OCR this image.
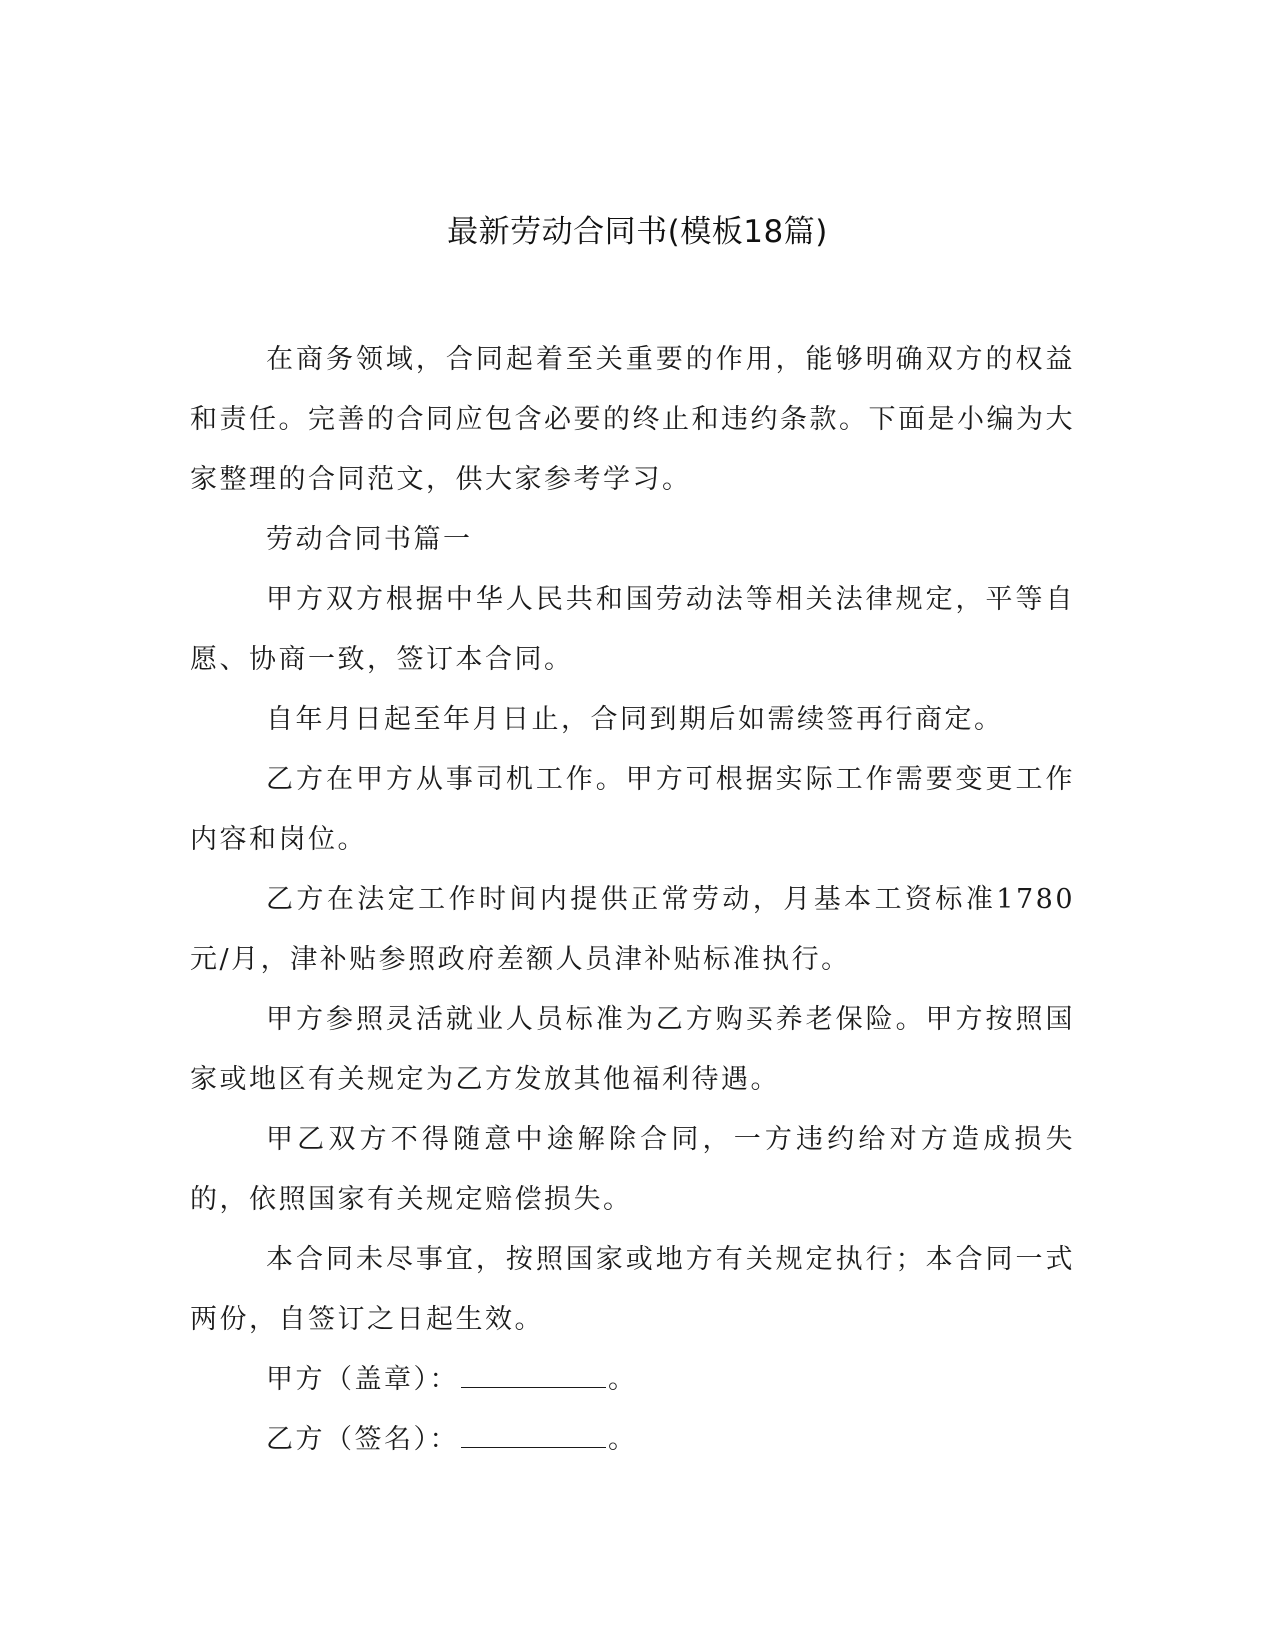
最新劳动合同书(模板18篇)

在商务领域，合同起着至关重要的作用，能够明确双方的权益和责任。完善的合同应包含必要的终止和违约条款。下面是小编为大家整理的合同范文，供大家参考学习。

劳动合同书篇一

甲方双方根据中华人民共和国劳动法等相关法律规定，平等自愿、协商一致，签订本合同。

自年月日起至年月日止，合同到期后如需续签再行商定。

乙方在甲方从事司机工作。甲方可根据实际工作需要变更工作内容和岗位。

乙方在法定工作时间内提供正常劳动，月基本工资标准1780元/月，津补贴参照政府差额人员津补贴标准执行。

甲方参照灵活就业人员标准为乙方购买养老保险。甲方按照国家或地区有关规定为乙方发放其他福利待遇。

甲乙双方不得随意中途解除合同，一方违约给对方造成损失的，依照国家有关规定赔偿损失。

本合同未尽事宜，按照国家或地方有关规定执行；本合同一式两份，自签订之日起生效。

甲方（盖章）：	。

乙方（签名）：	。
